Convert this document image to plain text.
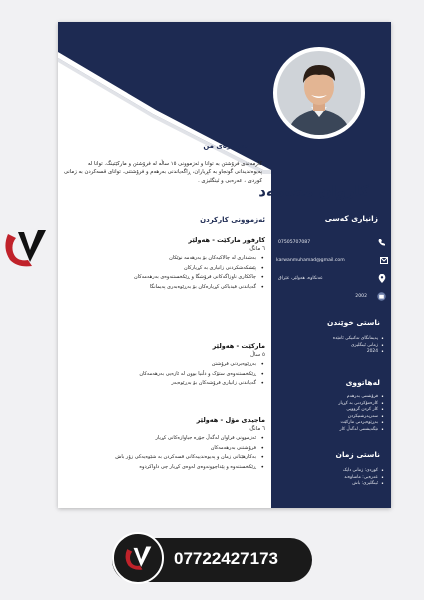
کاروان محەمەد
دەربارەی من
کارمەندی فرۆشتن بە توانا و ئەزموونی ١٥ ساڵە لە فرۆشتن و مارکێتینگ. توانا لە پەیوەندیدانی گونجاو بە کڕیاران، ڕاگەیاندنی بەرهەم و فرۆشتنی. توانای قسەکردن بە زمانی کوردی ، عەرەبی و ئینگلیزی .
ئەزموونی کارکردن
کارفور مارکێت - هەولێر
٦ مانگ
• بەشداری لە چالاکیەکان بۆ بەرهەمە نوێکان
• پێشکەشکردنی زانیاری بە کڕیارکان
• چاککاری ناوزاگەکانی فرۆشگا و ڕێکخستنەوەی بەرهەمەکان
• گەیاندنی فیدباکی کڕیارەکان بۆ بەڕێوەبەری پەیمانگا
مارکێت - هەولێر
٥ ساڵ
• بەڕێوەبردنی فرۆشتن
• ڕێکخستنەوەی ستۆک و دڵنیا بوون لە ئازەیی بەرهەمەکان
• گەیاندنی زانیاری فرۆشەکان بۆ بەڕێوەبەر
ماجیدی مۆل - هەولێر
٦ مانگ
• ئەزموونی فراوان لەگەڵ جۆرە جیاوازەکانی کڕیار
• فرۆشتنی بەرهەمەکان
• بەکارهێنانی زمان و پەیوەندییەکانی قسەکردن بە شێوەیەکی زۆر باش
• ڕێکخستنەوە و پێداچوونەوەی لەوەی کڕیار چی داواکردوە
زانیاری کەسی
07505707087
karwanmuhamad@gmail.com
عەنکاوە، هەولێر، عێراق
2002
ناستی خوێندن
• پەیمانگای تەکنیکی ئامێدە
• زمانی ئینگلیزی
• 2024
لەهاتووی
• فرۆشتنی بەرهەم
• کارەمۆکردنی بە کڕیار
• کار کردن گرووپی
• سەرپەرشتیکردن
• بەڕێوەبردنی مارکێت
• تێگەیشتنی لەگەڵ کار
ناستی زمان
• کوردی: زمانی دایک
• عەرەبی: مامناوەند
• ئینگلیزی: باش
07722427173
